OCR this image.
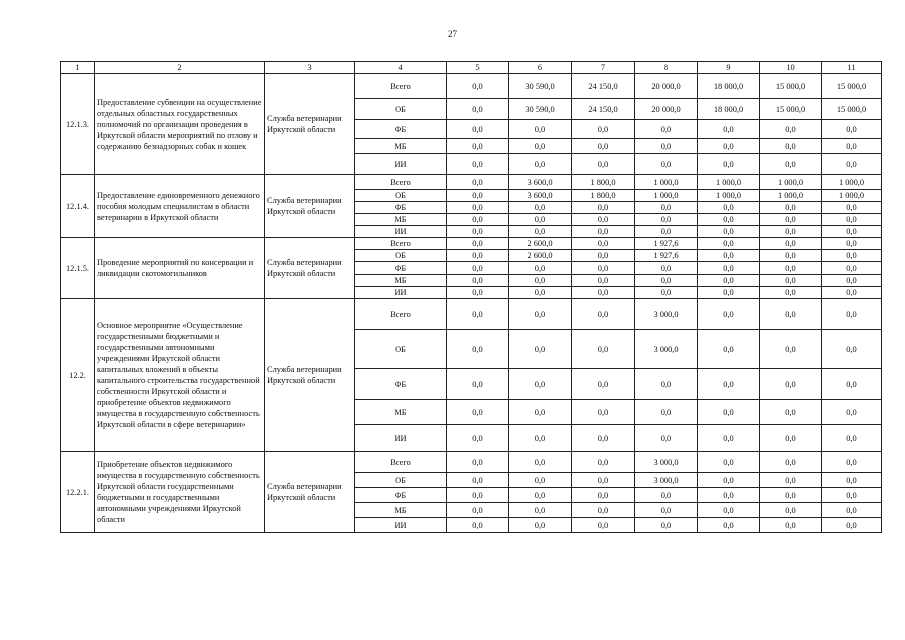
27
1	2	3	4	5	6	7	8	9	10	11
12.1.3.	Предоставление субвенции на осуществление отдельных областных государственных полномочий по организации проведения в Иркутской области мероприятий по отлову и содержанию безнадзорных собак и кошек	Служба ветеринарии Иркутской области	Всего	0,0	30 590,0	24 150,0	20 000,0	18 000,0	15 000,0	15 000,0
			ОБ	0,0	30 590,0	24 150,0	20 000,0	18 000,0	15 000,0	15 000,0
			ФБ	0,0	0,0	0,0	0,0	0,0	0,0	0,0
			МБ	0,0	0,0	0,0	0,0	0,0	0,0	0,0
			ИИ	0,0	0,0	0,0	0,0	0,0	0,0	0,0
12.1.4.	Предоставление единовременного денежного пособия молодым специалистам в области ветеринарии в Иркутской области	Служба ветеринарии Иркутской области	Всего	0,0	3 600,0	1 800,0	1 000,0	1 000,0	1 000,0	1 000,0
			ОБ	0,0	3 600,0	1 800,0	1 000,0	1 000,0	1 000,0	1 000,0
			ФБ	0,0	0,0	0,0	0,0	0,0	0,0	0,0
			МБ	0,0	0,0	0,0	0,0	0,0	0,0	0,0
			ИИ	0,0	0,0	0,0	0,0	0,0	0,0	0,0
12.1.5.	Проведение мероприятий по консервации и ликвидации скотомогильников	Служба ветеринарии Иркутской области	Всего	0,0	2 600,0	0,0	1 927,6	0,0	0,0	0,0
			ОБ	0,0	2 600,0	0,0	1 927,6	0,0	0,0	0,0
			ФБ	0,0	0,0	0,0	0,0	0,0	0,0	0,0
			МБ	0,0	0,0	0,0	0,0	0,0	0,0	0,0
			ИИ	0,0	0,0	0,0	0,0	0,0	0,0	0,0
12.2.	Основное мероприятие «Осуществление государственными бюджетными и государственными автономными учреждениями Иркутской области капитальных вложений в объекты капитального строительства государственной собственности Иркутской области и приобретение объектов недвижимого имущества в государственную собственность Иркутской области в сфере ветеринарии»	Служба ветеринарии Иркутской области	Всего	0,0	0,0	0,0	3 000,0	0,0	0,0	0,0
			ОБ	0,0	0,0	0,0	3 000,0	0,0	0,0	0,0
			ФБ	0,0	0,0	0,0	0,0	0,0	0,0	0,0
			МБ	0,0	0,0	0,0	0,0	0,0	0,0	0,0
			ИИ	0,0	0,0	0,0	0,0	0,0	0,0	0,0
12.2.1.	Приобретение объектов недвижимого имущества в государственную собственность Иркутской области государственными бюджетными и государственными автономными учреждениями Иркутской области	Служба ветеринарии Иркутской области	Всего	0,0	0,0	0,0	3 000,0	0,0	0,0	0,0
			ОБ	0,0	0,0	0,0	3 000,0	0,0	0,0	0,0
			ФБ	0,0	0,0	0,0	0,0	0,0	0,0	0,0
			МБ	0,0	0,0	0,0	0,0	0,0	0,0	0,0
			ИИ	0,0	0,0	0,0	0,0	0,0	0,0	0,0
